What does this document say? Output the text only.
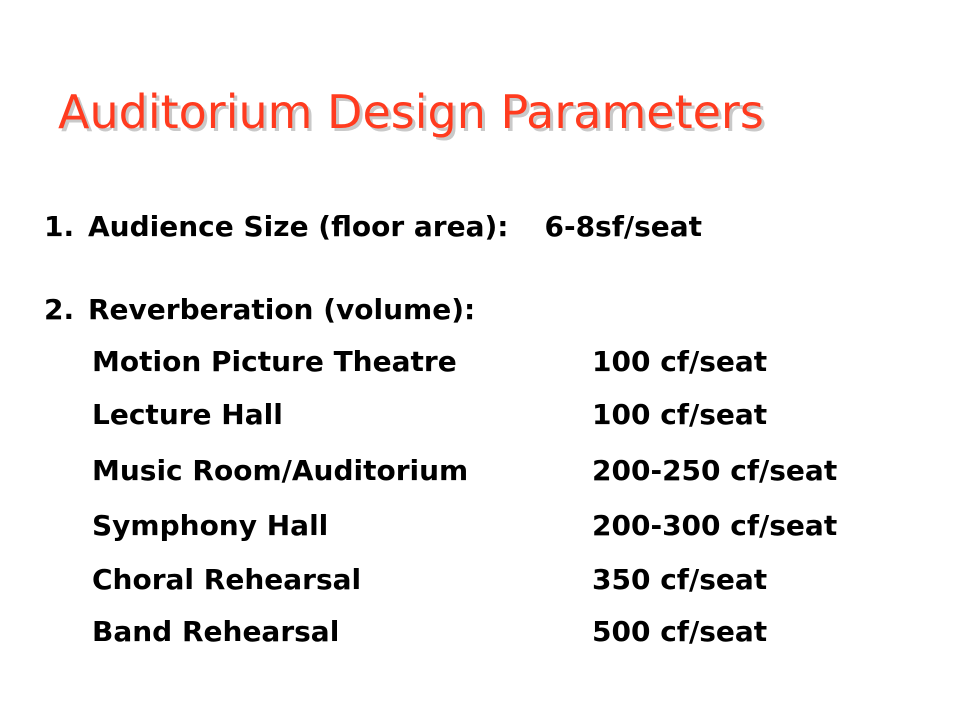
Auditorium Design Parameters
1. Audience Size (floor area): 6-8sf/seat
2. Reverberation (volume):
Motion Picture Theatre	100 cf/seat
Lecture Hall	100 cf/seat
Music Room/Auditorium	200-250 cf/seat
Symphony Hall	200-300 cf/seat
Choral Rehearsal	350 cf/seat
Band Rehearsal	500 cf/seat
